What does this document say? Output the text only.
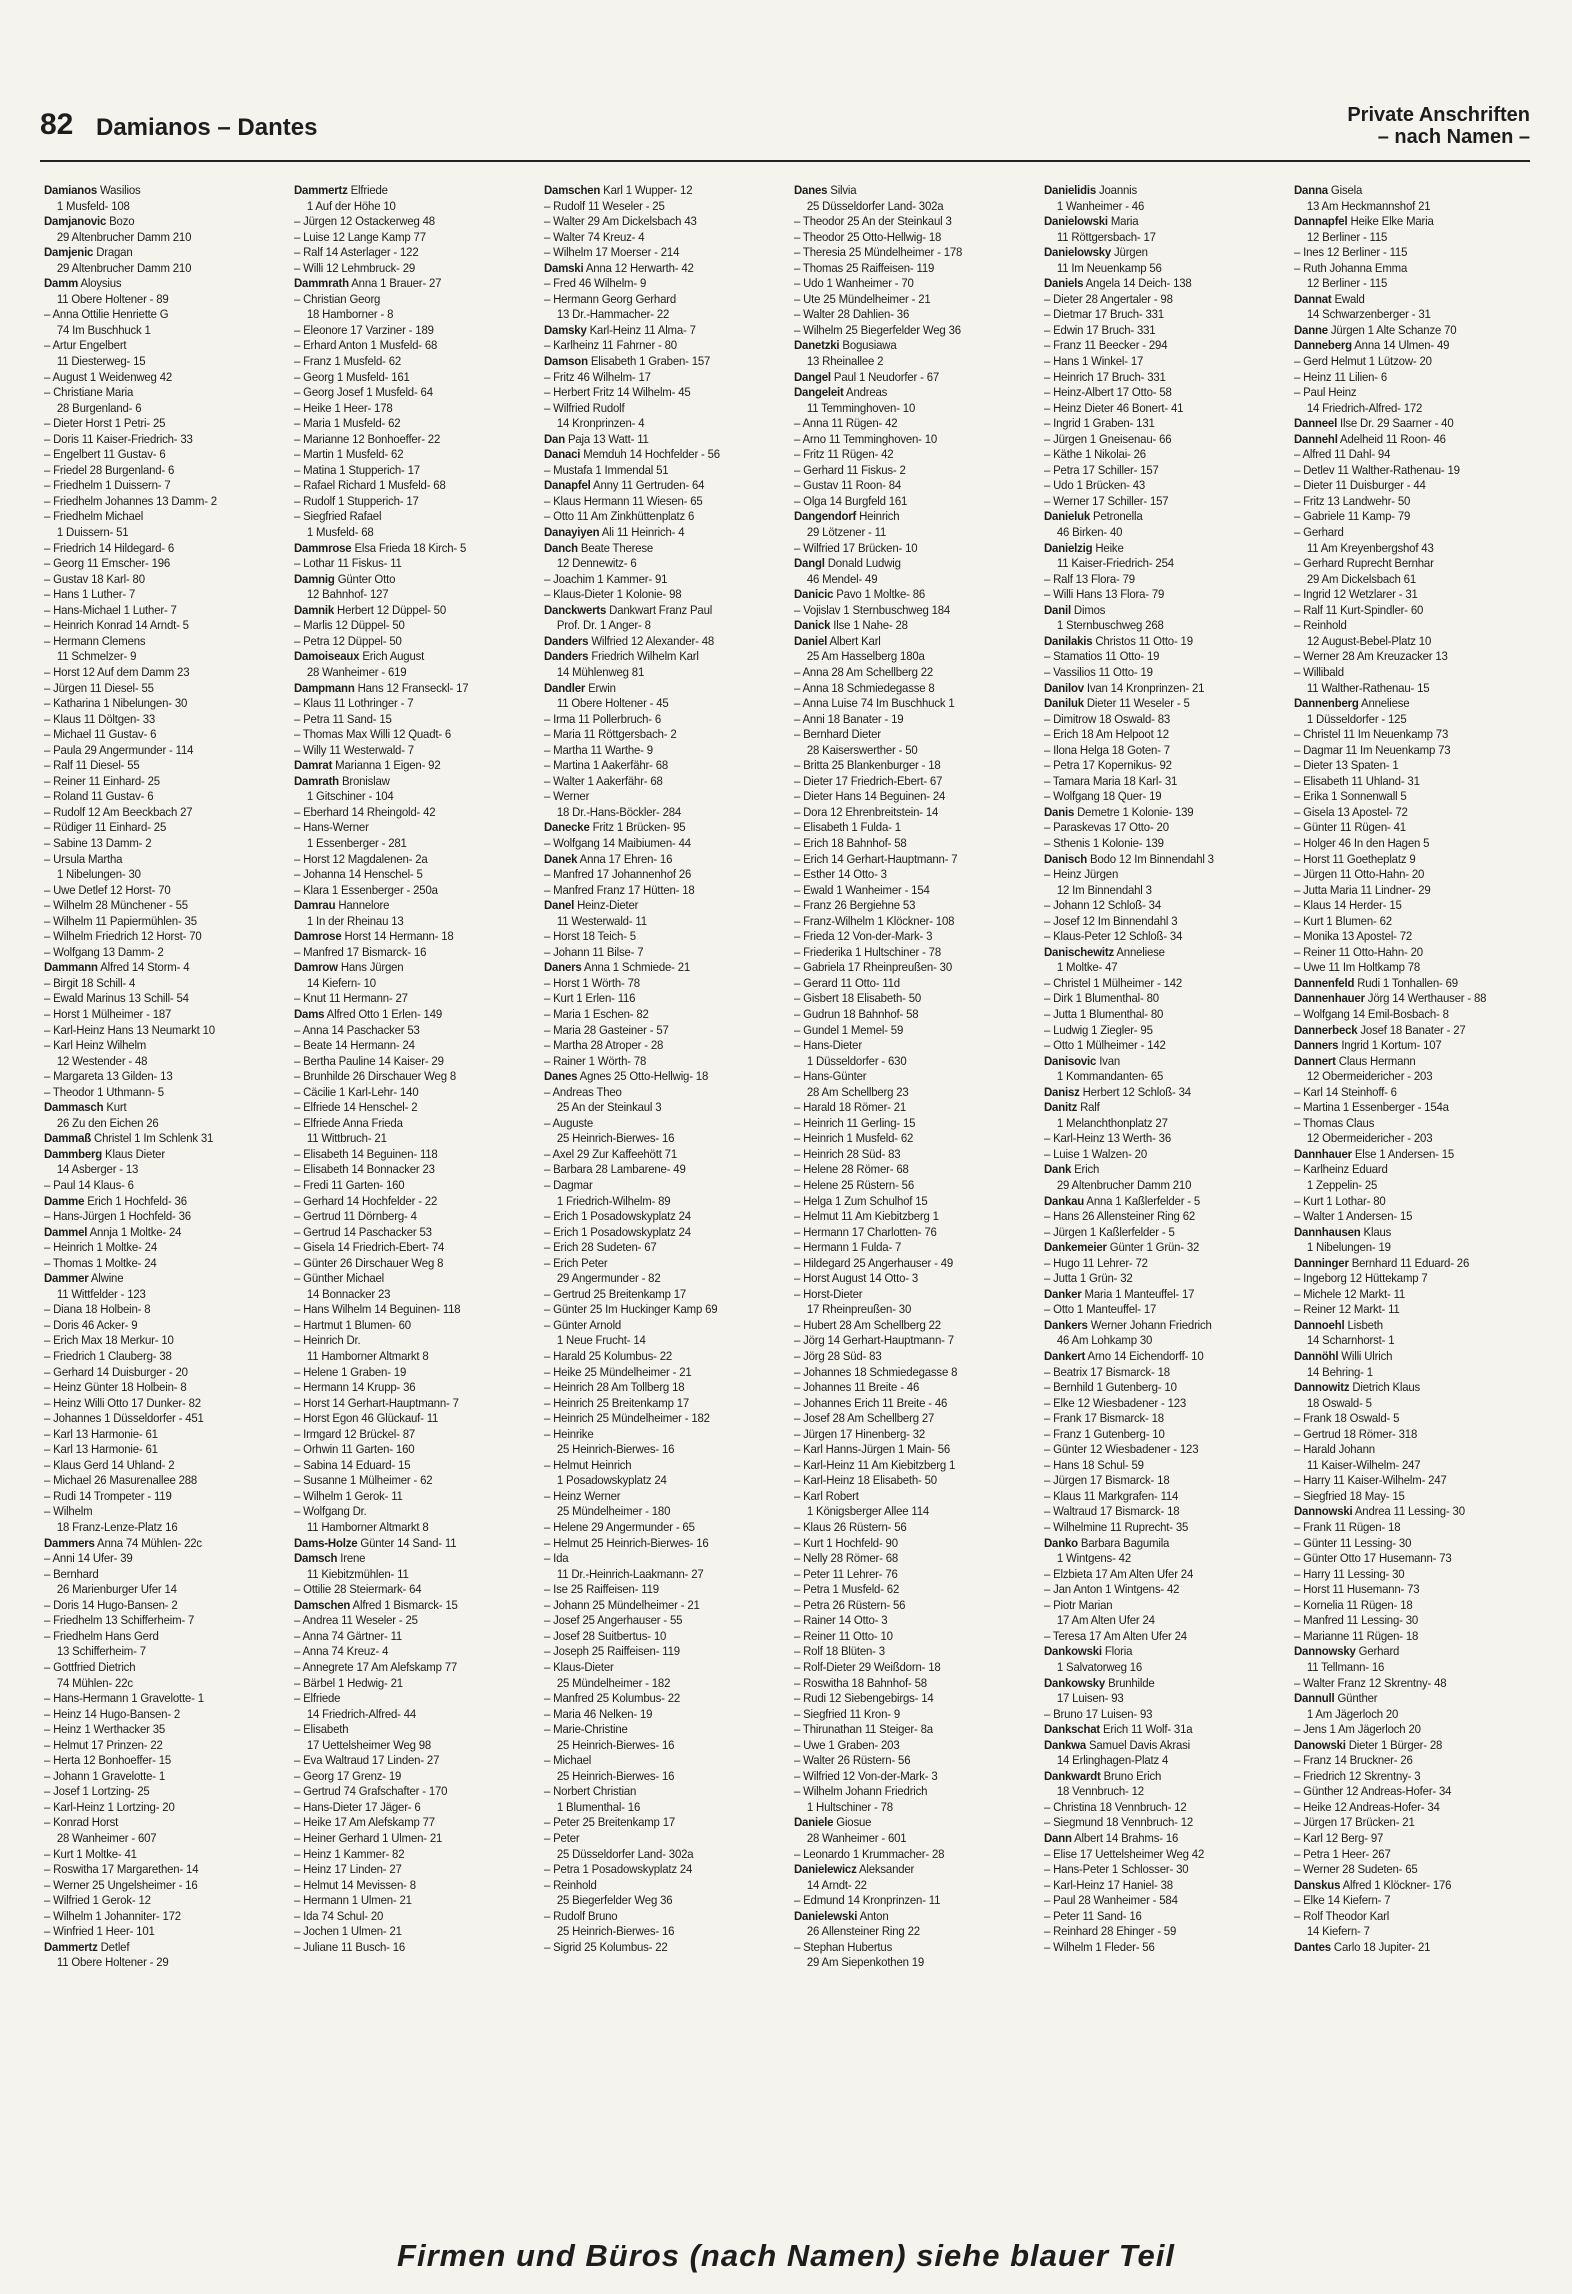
82 Damianos – Dantes	Private Anschriften
– nach Namen –
Damianos Wasilios
1 Musfeld- 108
Damjanovic Bozo
29 Altenbrucher Damm 210
Damjenic Dragan
29 Altenbrucher Damm 210
Damm Aloysius
11 Obere Holtener - 89
– Anna Ottilie Henriette G
74 Im Buschhuck 1
– Artur Engelbert
11 Diesterweg- 15
– August 1 Weidenweg 42
– Christiane Maria
28 Burgenland- 6
– Dieter Horst 1 Petri- 25
– Doris 11 Kaiser-Friedrich- 33
– Engelbert 11 Gustav- 6
– Friedel 28 Burgenland- 6
– Friedhelm 1 Duissern- 7
– Friedhelm Johannes 13 Damm- 2
– Friedhelm Michael
1 Duissern- 51
– Friedrich 14 Hildegard- 6
– Georg 11 Emscher- 196
– Gustav 18 Karl- 80
– Hans 1 Luther- 7
– Hans-Michael 1 Luther- 7
– Heinrich Konrad 14 Arndt- 5
– Hermann Clemens
11 Schmelzer- 9
– Horst 12 Auf dem Damm 23
– Jürgen 11 Diesel- 55
– Katharina 1 Nibelungen- 30
– Klaus 11 Döltgen- 33
– Michael 11 Gustav- 6
– Paula 29 Angermunder - 114
– Ralf 11 Diesel- 55
– Reiner 11 Einhard- 25
– Roland 11 Gustav- 6
– Rudolf 12 Am Beeckbach 27
– Rüdiger 11 Einhard- 25
– Sabine 13 Damm- 2
– Ursula Martha
1 Nibelungen- 30
– Uwe Detlef 12 Horst- 70
– Wilhelm 28 Münchener - 55
– Wilhelm 11 Papiermühlen- 35
– Wilhelm Friedrich 12 Horst- 70
– Wolfgang 13 Damm- 2
Dammann Alfred 14 Storm- 4
– Birgit 18 Schill- 4
– Ewald Marinus 13 Schill- 54
– Horst 1 Mülheimer - 187
– Karl-Heinz Hans 13 Neumarkt 10
– Karl Heinz Wilhelm
12 Westender - 48
– Margareta 13 Gilden- 13
– Theodor 1 Uthmann- 5
Dammasch Kurt
26 Zu den Eichen 26
Dammaß Christel 1 Im Schlenk 31
Dammberg Klaus Dieter
14 Asberger - 13
– Paul 14 Klaus- 6
Damme Erich 1 Hochfeld- 36
– Hans-Jürgen 1 Hochfeld- 36
Dammel Annja 1 Moltke- 24
– Heinrich 1 Moltke- 24
– Thomas 1 Moltke- 24
Dammer Alwine
11 Wittfelder - 123
– Diana 18 Holbein- 8
– Doris 46 Acker- 9
– Erich Max 18 Merkur- 10
– Friedrich 1 Clauberg- 38
– Gerhard 14 Duisburger - 20
– Heinz Günter 18 Holbein- 8
– Heinz Willi Otto 17 Dunker- 82
– Johannes 1 Düsseldorfer - 451
– Karl 13 Harmonie- 61
– Karl 13 Harmonie- 61
– Klaus Gerd 14 Uhland- 2
– Michael 26 Masurenallee 288
– Rudi 14 Trompeter - 119
– Wilhelm
18 Franz-Lenze-Platz 16
Dammers Anna 74 Mühlen- 22c
– Anni 14 Ufer- 39
– Bernhard
26 Marienburger Ufer 14
– Doris 14 Hugo-Bansen- 2
– Friedhelm 13 Schifferheim- 7
– Friedhelm Hans Gerd
13 Schifferheim- 7
– Gottfried Dietrich
74 Mühlen- 22c
– Hans-Hermann 1 Gravelotte- 1
– Heinz 14 Hugo-Bansen- 2
– Heinz 1 Werthacker 35
– Helmut 17 Prinzen- 22
– Herta 12 Bonhoeffer- 15
– Johann 1 Gravelotte- 1
– Josef 1 Lortzing- 25
– Karl-Heinz 1 Lortzing- 20
– Konrad Horst
28 Wanheimer - 607
– Kurt 1 Moltke- 41
– Roswitha 17 Margarethen- 14
– Werner 25 Ungelsheimer - 16
– Wilfried 1 Gerok- 12
– Wilhelm 1 Johanniter- 172
– Winfried 1 Heer- 101
Dammertz Detlef
11 Obere Holtener - 29
Dammertz Elfriede
1 Auf der Höhe 10
– Jürgen 12 Ostackerweg 48
– Luise 12 Lange Kamp 77
– Ralf 14 Asterlager - 122
– Willi 12 Lehmbruck- 29
Dammrath Anna 1 Brauer- 27
– Christian Georg
18 Hamborner - 8
– Eleonore 17 Varziner - 189
– Erhard Anton 1 Musfeld- 68
– Franz 1 Musfeld- 62
– Georg 1 Musfeld- 161
– Georg Josef 1 Musfeld- 64
– Heike 1 Heer- 178
– Maria 1 Musfeld- 62
– Marianne 12 Bonhoeffer- 22
– Martin 1 Musfeld- 62
– Matina 1 Stupperich- 17
– Rafael Richard 1 Musfeld- 68
– Rudolf 1 Stupperich- 17
– Siegfried Rafael
1 Musfeld- 68
Dammrose Elsa Frieda 18 Kirch- 5
– Lothar 11 Fiskus- 11
Damnig Günter Otto
12 Bahnhof- 127
Damnik Herbert 12 Düppel- 50
– Marlis 12 Düppel- 50
– Petra 12 Düppel- 50
Damoiseaux Erich August
28 Wanheimer - 619
Dampmann Hans 12 Franseckl- 17
– Klaus 11 Lothringer - 7
– Petra 11 Sand- 15
– Thomas Max Willi 12 Quadt- 6
– Willy 11 Westerwald- 7
Damrat Marianna 1 Eigen- 92
Damrath Bronislaw
1 Gitschiner - 104
– Eberhard 14 Rheingold- 42
– Hans-Werner
1 Essenberger - 281
– Horst 12 Magdalenen- 2a
– Johanna 14 Henschel- 5
– Klara 1 Essenberger - 250a
Damrau Hannelore
1 In der Rheinau 13
Damrose Horst 14 Hermann- 18
– Manfred 17 Bismarck- 16
Damrow Hans Jürgen
14 Kiefern- 10
– Knut 11 Hermann- 27
Dams Alfred Otto 1 Erlen- 149
– Anna 14 Paschacker 53
– Beate 14 Hermann- 24
– Bertha Pauline 14 Kaiser- 29
– Brunhilde 26 Dirschauer Weg 8
– Cäcilie 1 Karl-Lehr- 140
– Elfriede 14 Henschel- 2
– Elfriede Anna Frieda
11 Wittbruch- 21
– Elisabeth 14 Beguinen- 118
– Elisabeth 14 Bonnacker 23
– Fredi 11 Garten- 160
– Gerhard 14 Hochfelder - 22
– Gertrud 11 Dörnberg- 4
– Gertrud 14 Paschacker 53
– Gisela 14 Friedrich-Ebert- 74
– Günter 26 Dirschauer Weg 8
– Günther Michael
14 Bonnacker 23
– Hans Wilhelm 14 Beguinen- 118
– Hartmut 1 Blumen- 60
– Heinrich Dr.
11 Hamborner Altmarkt 8
– Helene 1 Graben- 19
– Hermann 14 Krupp- 36
– Horst 14 Gerhart-Hauptmann- 7
– Horst Egon 46 Glückauf- 11
– Irmgard 12 Brückel- 87
– Orhwin 11 Garten- 160
– Sabina 14 Eduard- 15
– Susanne 1 Mülheimer - 62
– Wilhelm 1 Gerok- 11
– Wolfgang Dr.
11 Hamborner Altmarkt 8
Dams-Holze Günter 14 Sand- 11
Damsch Irene
11 Kiebitzmühlen- 11
– Ottilie 28 Steiermark- 64
Damschen Alfred 1 Bismarck- 15
– Andrea 11 Weseler - 25
– Anna 74 Gärtner- 11
– Anna 74 Kreuz- 4
– Annegrete 17 Am Alefskamp 77
– Bärbel 1 Hedwig- 21
– Elfriede
14 Friedrich-Alfred- 44
– Elisabeth
17 Uettelsheimer Weg 98
– Eva Waltraud 17 Linden- 27
– Georg 17 Grenz- 19
– Gertrud 74 Grafschafter - 170
– Hans-Dieter 17 Jäger- 6
– Heike 17 Am Alefskamp 77
– Heiner Gerhard 1 Ulmen- 21
– Heinz 1 Kammer- 82
– Heinz 17 Linden- 27
– Helmut 14 Mevissen- 8
– Hermann 1 Ulmen- 21
– Ida 74 Schul- 20
– Jochen 1 Ulmen- 21
– Juliane 11 Busch- 16
Damschen Karl 1 Wupper- 12
– Rudolf 11 Weseler - 25
– Walter 29 Am Dickelsbach 43
– Walter 74 Kreuz- 4
– Wilhelm 17 Moerser - 214
Damski Anna 12 Herwarth- 42
– Fred 46 Wilhelm- 9
– Hermann Georg Gerhard
13 Dr.-Hammacher- 22
Damsky Karl-Heinz 11 Alma- 7
– Karlheinz 11 Fahrner - 80
Damson Elisabeth 1 Graben- 157
– Fritz 46 Wilhelm- 17
– Herbert Fritz 14 Wilhelm- 45
– Wilfried Rudolf
14 Kronprinzen- 4
Dan Paja 13 Watt- 11
Danaci Memduh 14 Hochfelder - 56
– Mustafa 1 Immendal 51
Danapfel Anny 11 Gertruden- 64
– Klaus Hermann 11 Wiesen- 65
– Otto 11 Am Zinkhüttenplatz 6
Danayiyen Ali 11 Heinrich- 4
Danch Beate Therese
12 Dennewitz- 6
– Joachim 1 Kammer- 91
– Klaus-Dieter 1 Kolonie- 98
Danckwerts Dankwart Franz Paul
Prof. Dr. 1 Anger- 8
Danders Wilfried 12 Alexander- 48
Danders Friedrich Wilhelm Karl
14 Mühlenweg 81
Dandler Erwin
11 Obere Holtener - 45
– Irma 11 Pollerbruch- 6
– Maria 11 Röttgersbach- 2
– Martha 11 Warthe- 9
– Martina 1 Aakerfähr- 68
– Walter 1 Aakerfähr- 68
– Werner
18 Dr.-Hans-Böckler- 284
Danecke Fritz 1 Brücken- 95
– Wolfgang 14 Maibiumen- 44
Danek Anna 17 Ehren- 16
– Manfred 17 Johannenhof 26
– Manfred Franz 17 Hütten- 18
Danel Heinz-Dieter
11 Westerwald- 11
– Horst 18 Teich- 5
– Johann 11 Bilse- 7
Daners Anna 1 Schmiede- 21
– Horst 1 Wörth- 78
– Kurt 1 Erlen- 116
– Maria 1 Eschen- 82
– Maria 28 Gasteiner - 57
– Martha 28 Atroper - 28
– Rainer 1 Wörth- 78
Danes Agnes 25 Otto-Hellwig- 18
– Andreas Theo
25 An der Steinkaul 3
– Auguste
25 Heinrich-Bierwes- 16
– Axel 29 Zur Kaffeehött 71
– Barbara 28 Lambarene- 49
– Dagmar
1 Friedrich-Wilhelm- 89
– Erich 1 Posadowskyplatz 24
– Erich 1 Posadowskyplatz 24
– Erich 28 Sudeten- 67
– Erich Peter
29 Angermunder - 82
– Gertrud 25 Breitenkamp 17
– Günter 25 Im Huckinger Kamp 69
– Günter Arnold
1 Neue Frucht- 14
– Harald 25 Kolumbus- 22
– Heike 25 Mündelheimer - 21
– Heinrich 28 Am Tollberg 18
– Heinrich 25 Breitenkamp 17
– Heinrich 25 Mündelheimer - 182
– Heinrike
25 Heinrich-Bierwes- 16
– Helmut Heinrich
1 Posadowskyplatz 24
– Heinz Werner
25 Mündelheimer - 180
– Helene 29 Angermunder - 65
– Helmut 25 Heinrich-Bierwes- 16
– Ida
11 Dr.-Heinrich-Laakmann- 27
– Ise 25 Raiffeisen- 119
– Johann 25 Mündelheimer - 21
– Josef 25 Angerhauser - 55
– Josef 28 Suitbertus- 10
– Joseph 25 Raiffeisen- 119
– Klaus-Dieter
25 Mündelheimer - 182
– Manfred 25 Kolumbus- 22
– Maria 46 Nelken- 19
– Marie-Christine
25 Heinrich-Bierwes- 16
– Michael
25 Heinrich-Bierwes- 16
– Norbert Christian
1 Blumenthal- 16
– Peter 25 Breitenkamp 17
– Peter
25 Düsseldorfer Land- 302a
– Petra 1 Posadowskyplatz 24
– Reinhold
25 Biegerfelder Weg 36
– Rudolf Bruno
25 Heinrich-Bierwes- 16
– Sigrid 25 Kolumbus- 22
Danes Silvia
25 Düsseldorfer Land- 302a
– Theodor 25 An der Steinkaul 3
– Theodor 25 Otto-Hellwig- 18
– Theresia 25 Mündelheimer - 178
– Thomas 25 Raiffeisen- 119
– Udo 1 Wanheimer - 70
– Ute 25 Mündelheimer - 21
– Walter 28 Dahlien- 36
– Wilhelm 25 Biegerfelder Weg 36
Danetzki Bogusiawa
13 Rheinallee 2
Dangel Paul 1 Neudorfer - 67
Dangeleit Andreas
11 Temminghoven- 10
– Anna 11 Rügen- 42
– Arno 11 Temminghoven- 10
– Fritz 11 Rügen- 42
– Gerhard 11 Fiskus- 2
– Gustav 11 Roon- 84
– Olga 14 Burgfeld 161
Dangendorf Heinrich
29 Lötzener - 11
– Wilfried 17 Brücken- 10
Dangl Donald Ludwig
46 Mendel- 49
Danicic Pavo 1 Moltke- 86
– Vojislav 1 Sternbuschweg 184
Danick Ilse 1 Nahe- 28
Daniel Albert Karl
25 Am Hasselberg 180a
– Anna 28 Am Schellberg 22
– Anna 18 Schmiedegasse 8
– Anna Luise 74 Im Buschhuck 1
– Anni 18 Banater - 19
– Bernhard Dieter
28 Kaiserswerther - 50
– Britta 25 Blankenburger - 18
– Dieter 17 Friedrich-Ebert- 67
– Dieter Hans 14 Beguinen- 24
– Dora 12 Ehrenbreitstein- 14
– Elisabeth 1 Fulda- 1
– Erich 18 Bahnhof- 58
– Erich 14 Gerhart-Hauptmann- 7
– Esther 14 Otto- 3
– Ewald 1 Wanheimer - 154
– Franz 26 Bergiehne 53
– Franz-Wilhelm 1 Klöckner- 108
– Frieda 12 Von-der-Mark- 3
– Friederika 1 Hultschiner - 78
– Gabriela 17 Rheinpreußen- 30
– Gerard 11 Otto- 11d
– Gisbert 18 Elisabeth- 50
– Gudrun 18 Bahnhof- 58
– Gundel 1 Memel- 59
– Hans-Dieter
1 Düsseldorfer - 630
– Hans-Günter
28 Am Schellberg 23
– Harald 18 Römer- 21
– Heinrich 11 Gerling- 15
– Heinrich 1 Musfeld- 62
– Heinrich 28 Süd- 83
– Helene 28 Römer- 68
– Helene 25 Rüstern- 56
– Helga 1 Zum Schulhof 15
– Helmut 11 Am Kiebitzberg 1
– Hermann 17 Charlotten- 76
– Hermann 1 Fulda- 7
– Hildegard 25 Angerhauser - 49
– Horst August 14 Otto- 3
– Horst-Dieter
17 Rheinpreußen- 30
– Hubert 28 Am Schellberg 22
– Jörg 14 Gerhart-Hauptmann- 7
– Jörg 28 Süd- 83
– Johannes 18 Schmiedegasse 8
– Johannes 11 Breite - 46
– Johannes Erich 11 Breite - 46
– Josef 28 Am Schellberg 27
– Jürgen 17 Hinenberg- 32
– Karl Hanns-Jürgen 1 Main- 56
– Karl-Heinz 11 Am Kiebitzberg 1
– Karl-Heinz 18 Elisabeth- 50
– Karl Robert
1 Königsberger Allee 114
– Klaus 26 Rüstern- 56
– Kurt 1 Hochfeld- 90
– Nelly 28 Römer- 68
– Peter 11 Lehrer- 76
– Petra 1 Musfeld- 62
– Petra 26 Rüstern- 56
– Rainer 14 Otto- 3
– Reiner 11 Otto- 10
– Rolf 18 Blüten- 3
– Rolf-Dieter 29 Weißdorn- 18
– Roswitha 18 Bahnhof- 58
– Rudi 12 Siebengebirgs- 14
– Siegfried 11 Kron- 9
– Thirunathan 11 Steiger- 8a
– Uwe 1 Graben- 203
– Walter 26 Rüstern- 56
– Wilfried 12 Von-der-Mark- 3
– Wilhelm Johann Friedrich
1 Hultschiner - 78
Daniele Giosue
28 Wanheimer - 601
– Leonardo 1 Krummacher- 28
Danielewicz Aleksander
14 Arndt- 22
– Edmund 14 Kronprinzen- 11
Danielewski Anton
26 Allensteiner Ring 22
– Stephan Hubertus
29 Am Siepenkothen 19
Danielidis Joannis
1 Wanheimer - 46
Danielowski Maria
11 Röttgersbach- 17
Danielowsky Jürgen
11 Im Neuenkamp 56
Daniels Angela 14 Deich- 138
– Dieter 28 Angertaler - 98
– Dietmar 17 Bruch- 331
– Edwin 17 Bruch- 331
– Franz 11 Beecker - 294
– Hans 1 Winkel- 17
– Heinrich 17 Bruch- 331
– Heinz-Albert 17 Otto- 58
– Heinz Dieter 46 Bonert- 41
– Ingrid 1 Graben- 131
– Jürgen 1 Gneisenau- 66
– Käthe 1 Nikolai- 26
– Petra 17 Schiller- 157
– Udo 1 Brücken- 43
– Werner 17 Schiller- 157
Danieluk Petronella
46 Birken- 40
Danielzig Heike
11 Kaiser-Friedrich- 254
– Ralf 13 Flora- 79
– Willi Hans 13 Flora- 79
Danil Dimos
1 Sternbuschweg 268
Danilakis Christos 11 Otto- 19
– Stamatios 11 Otto- 19
– Vassilios 11 Otto- 19
Danilov Ivan 14 Kronprinzen- 21
Daniluk Dieter 11 Weseler - 5
– Dimitrow 18 Oswald- 83
– Erich 18 Am Helpoot 12
– Ilona Helga 18 Goten- 7
– Petra 17 Kopernikus- 92
– Tamara Maria 18 Karl- 31
– Wolfgang 18 Quer- 19
Danis Demetre 1 Kolonie- 139
– Paraskevas 17 Otto- 20
– Sthenis 1 Kolonie- 139
Danisch Bodo 12 Im Binnendahl 3
– Heinz Jürgen
12 Im Binnendahl 3
– Johann 12 Schloß- 34
– Josef 12 Im Binnendahl 3
– Klaus-Peter 12 Schloß- 34
Danischewitz Anneliese
1 Moltke- 47
– Christel 1 Mülheimer - 142
– Dirk 1 Blumenthal- 80
– Jutta 1 Blumenthal- 80
– Ludwig 1 Ziegler- 95
– Otto 1 Mülheimer - 142
Danisovic Ivan
1 Kommandanten- 65
Danisz Herbert 12 Schloß- 34
Danitz Ralf
1 Melanchthonplatz 27
– Karl-Heinz 13 Werth- 36
– Luise 1 Walzen- 20
Dank Erich
29 Altenbrucher Damm 210
Dankau Anna 1 Kaßlerfelder - 5
– Hans 26 Allensteiner Ring 62
– Jürgen 1 Kaßlerfelder - 5
Dankemeier Günter 1 Grün- 32
– Hugo 11 Lehrer- 72
– Jutta 1 Grün- 32
Danker Maria 1 Manteuffel- 17
– Otto 1 Manteuffel- 17
Dankers Werner Johann Friedrich
46 Am Lohkamp 30
Dankert Arno 14 Eichendorff- 10
– Beatrix 17 Bismarck- 18
– Bernhild 1 Gutenberg- 10
– Elke 12 Wiesbadener - 123
– Frank 17 Bismarck- 18
– Franz 1 Gutenberg- 10
– Günter 12 Wiesbadener - 123
– Hans 18 Schul- 59
– Jürgen 17 Bismarck- 18
– Klaus 11 Markgrafen- 114
– Waltraud 17 Bismarck- 18
– Wilhelmine 11 Ruprecht- 35
Danko Barbara Bagumila
1 Wintgens- 42
– Elzbieta 17 Am Alten Ufer 24
– Jan Anton 1 Wintgens- 42
– Piotr Marian
17 Am Alten Ufer 24
– Teresa 17 Am Alten Ufer 24
Dankowski Floria
1 Salvatorweg 16
Dankowsky Brunhilde
17 Luisen- 93
– Bruno 17 Luisen- 93
Dankschat Erich 11 Wolf- 31a
Dankwa Samuel Davis Akrasi
14 Erlinghagen-Platz 4
Dankwardt Bruno Erich
18 Vennbruch- 12
– Christina 18 Vennbruch- 12
– Siegmund 18 Vennbruch- 12
Dann Albert 14 Brahms- 16
– Elise 17 Uettelsheimer Weg 42
– Hans-Peter 1 Schlosser- 30
– Karl-Heinz 17 Haniel- 38
– Paul 28 Wanheimer - 584
– Peter 11 Sand- 16
– Reinhard 28 Ehinger - 59
– Wilhelm 1 Fleder- 56
Danna Gisela
13 Am Heckmannshof 21
Dannapfel Heike Elke Maria
12 Berliner - 115
– Ines 12 Berliner - 115
– Ruth Johanna Emma
12 Berliner - 115
Dannat Ewald
14 Schwarzenberger - 31
Danne Jürgen 1 Alte Schanze 70
Danneberg Anna 14 Ulmen- 49
– Gerd Helmut 1 Lützow- 20
– Heinz 11 Lilien- 6
– Paul Heinz
14 Friedrich-Alfred- 172
Danneel Ilse Dr. 29 Saarner - 40
Dannehl Adelheid 11 Roon- 46
– Alfred 11 Dahl- 94
– Detlev 11 Walther-Rathenau- 19
– Dieter 11 Duisburger - 44
– Fritz 13 Landwehr- 50
– Gabriele 11 Kamp- 79
– Gerhard
11 Am Kreyenbergshof 43
– Gerhard Ruprecht Bernhar
29 Am Dickelsbach 61
– Ingrid 12 Wetzlarer - 31
– Ralf 11 Kurt-Spindler- 60
– Reinhold
12 August-Bebel-Platz 10
– Werner 28 Am Kreuzacker 13
– Willibald
11 Walther-Rathenau- 15
Dannenberg Anneliese
1 Düsseldorfer - 125
– Christel 11 Im Neuenkamp 73
– Dagmar 11 Im Neuenkamp 73
– Dieter 13 Spaten- 1
– Elisabeth 11 Uhland- 31
– Erika 1 Sonnenwall 5
– Gisela 13 Apostel- 72
– Günter 11 Rügen- 41
– Holger 46 In den Hagen 5
– Horst 11 Goetheplatz 9
– Jürgen 11 Otto-Hahn- 20
– Jutta Maria 11 Lindner- 29
– Klaus 14 Herder- 15
– Kurt 1 Blumen- 62
– Monika 13 Apostel- 72
– Reiner 11 Otto-Hahn- 20
– Uwe 11 Im Holtkamp 78
Dannenfeld Rudi 1 Tonhallen- 69
Dannenhauer Jörg 14 Werthauser - 88
– Wolfgang 14 Emil-Bosbach- 8
Dannerbeck Josef 18 Banater - 27
Danners Ingrid 1 Kortum- 107
Dannert Claus Hermann
12 Obermeidericher - 203
– Karl 14 Steinhoff- 6
– Martina 1 Essenberger - 154a
– Thomas Claus
12 Obermeidericher - 203
Dannhauer Else 1 Andersen- 15
– Karlheinz Eduard
1 Zeppelin- 25
– Kurt 1 Lothar- 80
– Walter 1 Andersen- 15
Dannhausen Klaus
1 Nibelungen- 19
Danninger Bernhard 11 Eduard- 26
– Ingeborg 12 Hüttekamp 7
– Michele 12 Markt- 11
– Reiner 12 Markt- 11
Dannoehl Lisbeth
14 Scharnhorst- 1
Dannöhl Willi Ulrich
14 Behring- 1
Dannowitz Dietrich Klaus
18 Oswald- 5
– Frank 18 Oswald- 5
– Gertrud 18 Römer- 318
– Harald Johann
11 Kaiser-Wilhelm- 247
– Harry 11 Kaiser-Wilhelm- 247
– Siegfried 18 May- 15
Dannowski Andrea 11 Lessing- 30
– Frank 11 Rügen- 18
– Günter 11 Lessing- 30
– Günter Otto 17 Husemann- 73
– Harry 11 Lessing- 30
– Horst 11 Husemann- 73
– Kornelia 11 Rügen- 18
– Manfred 11 Lessing- 30
– Marianne 11 Rügen- 18
Dannowsky Gerhard
11 Tellmann- 16
– Walter Franz 12 Skrentny- 48
Dannull Günther
1 Am Jägerloch 20
– Jens 1 Am Jägerloch 20
Danowski Dieter 1 Bürger- 28
– Franz 14 Bruckner- 26
– Friedrich 12 Skrentny- 3
– Günther 12 Andreas-Hofer- 34
– Heike 12 Andreas-Hofer- 34
– Jürgen 17 Brücken- 21
– Karl 12 Berg- 97
– Petra 1 Heer- 267
– Werner 28 Sudeten- 65
Danskus Alfred 1 Klöckner- 176
– Elke 14 Kiefern- 7
– Rolf Theodor Karl
14 Kiefern- 7
Dantes Carlo 18 Jupiter- 21
Firmen und Büros (nach Namen) siehe blauer Teil
